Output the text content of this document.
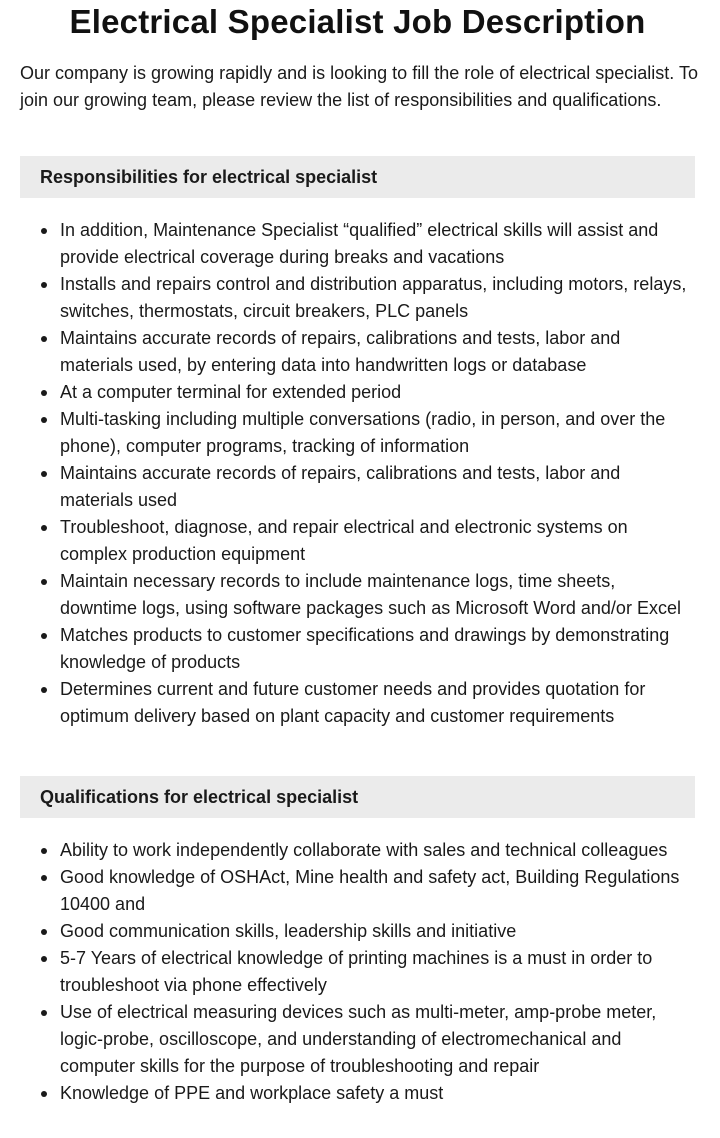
Electrical Specialist Job Description

Our company is growing rapidly and is looking to fill the role of electrical specialist. To join our growing team, please review the list of responsibilities and qualifications.

Responsibilities for electrical specialist
In addition, Maintenance Specialist “qualified” electrical skills will assist and provide electrical coverage during breaks and vacations
Installs and repairs control and distribution apparatus, including motors, relays, switches, thermostats, circuit breakers, PLC panels
Maintains accurate records of repairs, calibrations and tests, labor and materials used, by entering data into handwritten logs or database
At a computer terminal for extended period
Multi-tasking including multiple conversations (radio, in person, and over the phone), computer programs, tracking of information
Maintains accurate records of repairs, calibrations and tests, labor and materials used
Troubleshoot, diagnose, and repair electrical and electronic systems on complex production equipment
Maintain necessary records to include maintenance logs, time sheets, downtime logs, using software packages such as Microsoft Word and/or Excel
Matches products to customer specifications and drawings by demonstrating knowledge of products
Determines current and future customer needs and provides quotation for optimum delivery based on plant capacity and customer requirements
Qualifications for electrical specialist
Ability to work independently collaborate with sales and technical colleagues
Good knowledge of OSHAct, Mine health and safety act, Building Regulations 10400 and
Good communication skills, leadership skills and initiative
5-7 Years of electrical knowledge of printing machines is a must in order to troubleshoot via phone effectively
Use of electrical measuring devices such as multi-meter, amp-probe meter, logic-probe, oscilloscope, and understanding of electromechanical and computer skills for the purpose of troubleshooting and repair
Knowledge of PPE and workplace safety a must
